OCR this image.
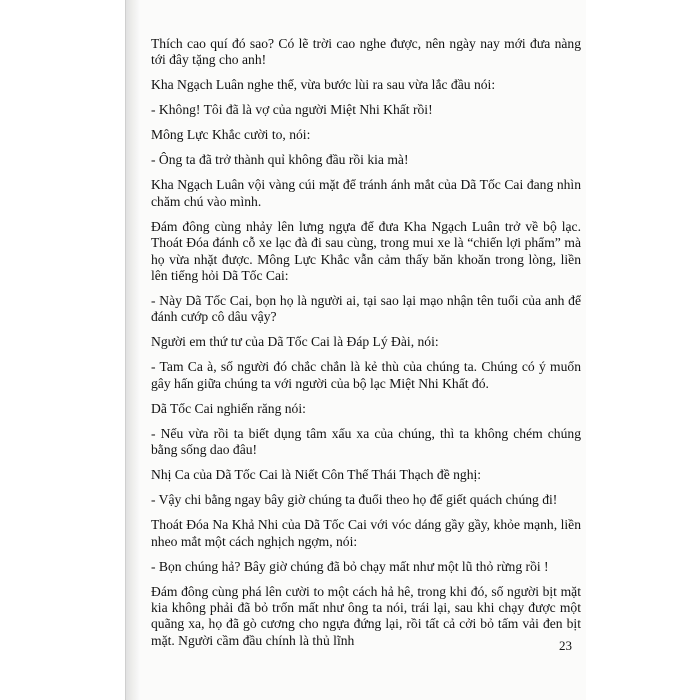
Thích cao quí đó sao? Có lẽ trời cao nghe được, nên ngày nay mới đưa nàng tới đây tặng cho anh!

Kha Ngạch Luân nghe thế, vừa bước lùi ra sau vừa lắc đầu nói:

- Không! Tôi đã là vợ của người Miệt Nhi Khất rồi!

Mông Lực Khắc cười to, nói:

- Ông ta đã trở thành quỉ không đầu rồi kia mà!

Kha Ngạch Luân vội vàng cúi mặt để tránh ánh mắt của Dã Tốc Cai đang nhìn chăm chú vào mình.

Đám đông cùng nhảy lên lưng ngựa để đưa Kha Ngạch Luân trở về bộ lạc. Thoát Đóa đánh cỗ xe lạc đà đi sau cùng, trong mui xe là “chiến lợi phẩm” mà họ vừa nhặt được. Mông Lực Khắc vẫn cảm thấy băn khoăn trong lòng, liền lên tiếng hỏi Dã Tốc Cai:

- Này Dã Tốc Cai, bọn họ là người ai, tại sao lại mạo nhận tên tuổi của anh để đánh cướp cô dâu vậy?

Người em thứ tư của Dã Tốc Cai là Đáp Lý Đài, nói:

- Tam Ca à, số người đó chắc chắn là kẻ thù của chúng ta. Chúng có ý muốn gây hấn giữa chúng ta với người của bộ lạc Miệt Nhi Khất đó.

Dã Tốc Cai nghiến răng nói:

- Nếu vừa rồi ta biết dụng tâm xấu xa của chúng, thì ta không chém chúng bằng sống dao đâu!

Nhị Ca của Dã Tốc Cai là Niết Côn Thế Thái Thạch đề nghị:

- Vậy chi bằng ngay bây giờ chúng ta đuổi theo họ để giết quách chúng đi!

Thoát Đóa Na Khả Nhi của Dã Tốc Cai với vóc dáng gầy gầy, khỏe mạnh, liền nheo mắt một cách nghịch ngợm, nói:

- Bọn chúng hả? Bây giờ chúng đã bỏ chạy mất như một lũ thỏ rừng rồi !

Đám đông cùng phá lên cười to một cách hả hê, trong khi đó, số người bịt mặt kia không phải đã bỏ trốn mất như ông ta nói, trái lại, sau khi chạy được một quãng xa, họ đã gò cương cho ngựa đứng lại, rồi tất cả cởi bỏ tấm vải đen bịt mặt. Người cầm đầu chính là thủ lĩnh	23
